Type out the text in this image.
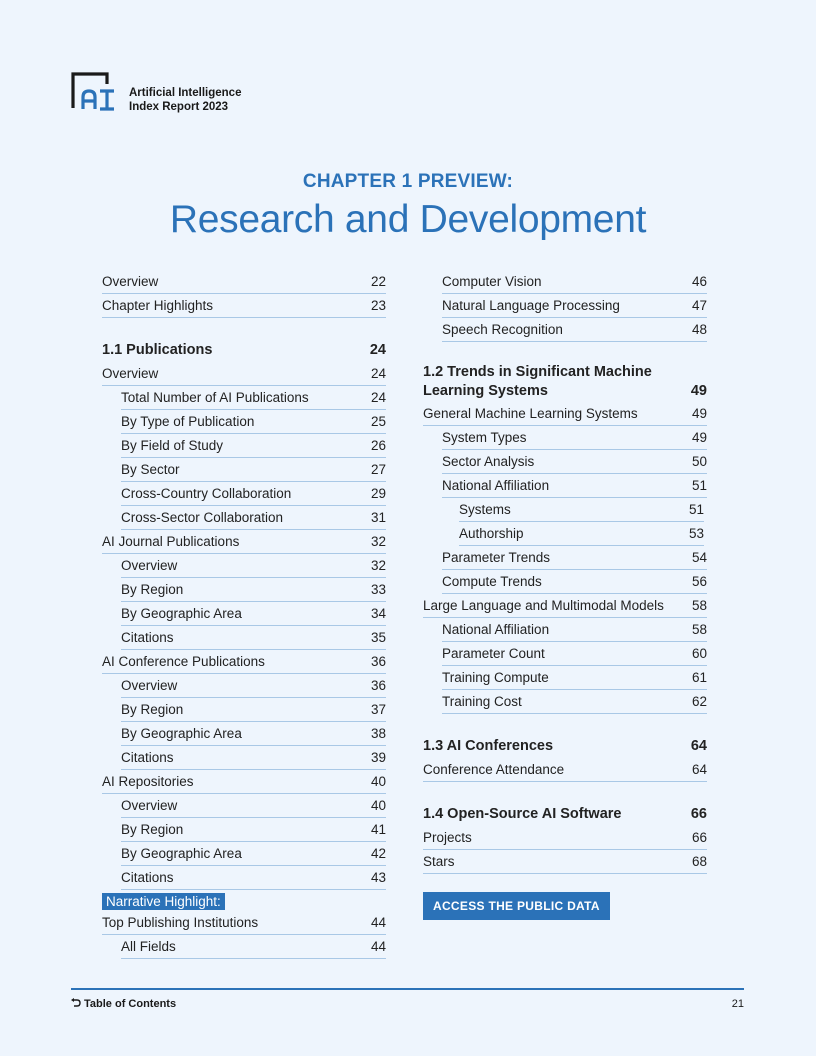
Artificial Intelligence
Index Report 2023
CHAPTER 1 PREVIEW:
Research and Development
Overview	22
Chapter Highlights	23
1.1 Publications	24
Overview	24
Total Number of AI Publications	24
By Type of Publication	25
By Field of Study	26
By Sector	27
Cross-Country Collaboration	29
Cross-Sector Collaboration	31
AI Journal Publications	32
Overview	32
By Region	33
By Geographic Area	34
Citations	35
AI Conference Publications	36
Overview	36
By Region	37
By Geographic Area	38
Citations	39
AI Repositories	40
Overview	40
By Region	41
By Geographic Area	42
Citations	43
Narrative Highlight:
Top Publishing Institutions	44
All Fields	44
Computer Vision	46
Natural Language Processing	47
Speech Recognition	48
1.2 Trends in Significant Machine Learning Systems	49
General Machine Learning Systems	49
System Types	49
Sector Analysis	50
National Affiliation	51
Systems	51
Authorship	53
Parameter Trends	54
Compute Trends	56
Large Language and Multimodal Models 58
National Affiliation	58
Parameter Count	60
Training Compute	61
Training Cost	62
1.3 AI Conferences	64
Conference Attendance	64
1.4 Open-Source AI Software	66
Projects	66
Stars	68
ACCESS THE PUBLIC DATA
Table of Contents	21
